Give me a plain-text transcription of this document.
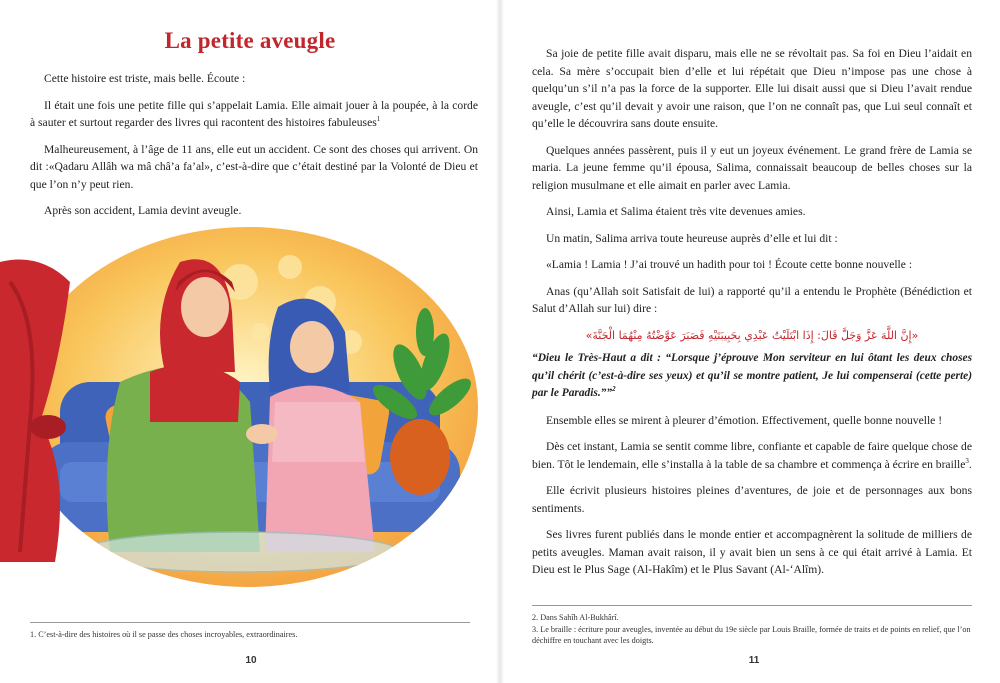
La petite aveugle

Cette histoire est triste, mais belle. Écoute :

Il était une fois une petite fille qui s’appelait Lamia. Elle aimait jouer à la poupée, à la corde à sauter et surtout regarder des livres qui racontent des histoires fabuleuses$^1$

Malheureusement, à l’âge de 11 ans, elle eut un accident. Ce sont des choses qui arrivent. On dit :«Qadaru Allâh wa mâ châ’a fa’al», c’est-à-dire que c’était destiné par la Volonté de Dieu et que l’on n’y peut rien.

Après son accident, Lamia devint aveugle.

1. C’est-à-dire des histoires où il se passe des choses incroyables, extraordinaires.
10

Sa joie de petite fille avait disparu, mais elle ne se révoltait pas. Sa foi en Dieu l’aidait en cela. Sa mère s’occupait bien d’elle et lui répétait que Dieu n’impose pas une chose à quelqu’un s’il n’a pas la force de la supporter. Elle lui disait aussi que si Dieu l’avait rendue aveugle, c’est qu’il devait y avoir une raison, que l’on ne connaît pas, que Lui seul connaît et qu’elle le découvrira sans doute ensuite.

Quelques années passèrent, puis il y eut un joyeux événement. Le grand frère de Lamia se maria. La jeune femme qu’il épousa, Salima, connaissait beaucoup de belles choses sur la religion musulmane et elle aimait en parler avec Lamia.

Ainsi, Lamia et Salima étaient très vite devenues amies.

Un matin, Salima arriva toute heureuse auprès d’elle et lui dit :

«Lamia ! Lamia ! J’ai trouvé un hadith pour toi ! Écoute cette bonne nouvelle :

Anas (qu’Allah soit Satisfait de lui) a rapporté qu’il a entendu le Prophète (Bénédiction et Salut d’Allah sur lui) dire :

«إِنَّ اللَّهَ عَزَّ وَجَلَّ قَالَ: إِذَا ابْتَلَيْتُ عَبْدِي بِحَبِيبَتَيْهِ فَصَبَرَ عَوَّضْتُهُ مِنْهُمَا الْجَنَّةَ»

“Dieu le Très-Haut a dit : “Lorsque j’éprouve Mon serviteur en lui ôtant les deux choses qu’il chérit (c’est-à-dire ses yeux) et qu’il se montre patient, Je lui compenserai (cette perte) par le Paradis.””$^2$

Ensemble elles se mirent à pleurer d’émotion. Effectivement, quelle bonne nouvelle !

Dès cet instant, Lamia se sentit comme libre, confiante et capable de faire quelque chose de bien. Tôt le lendemain, elle s’installa à la table de sa chambre et commença à écrire en braille$^3$.

Elle écrivit plusieurs histoires pleines d’aventures, de joie et de personnages aux bons sentiments.

Ses livres furent publiés dans le monde entier et accompagnèrent la solitude de milliers de petits aveugles. Maman avait raison, il y avait bien un sens à ce qui était arrivé à Lamia. Et Dieu est le Plus Sage (Al-Hakîm) et le Plus Savant (Al-‘Alîm).

2. Dans Sahîh Al-Bukhârî.
3. Le braille : écriture pour aveugles, inventée au début du 19e siècle par Louis Braille, formée de traits et de points en relief, que l’on déchiffre en touchant avec les doigts.
11
